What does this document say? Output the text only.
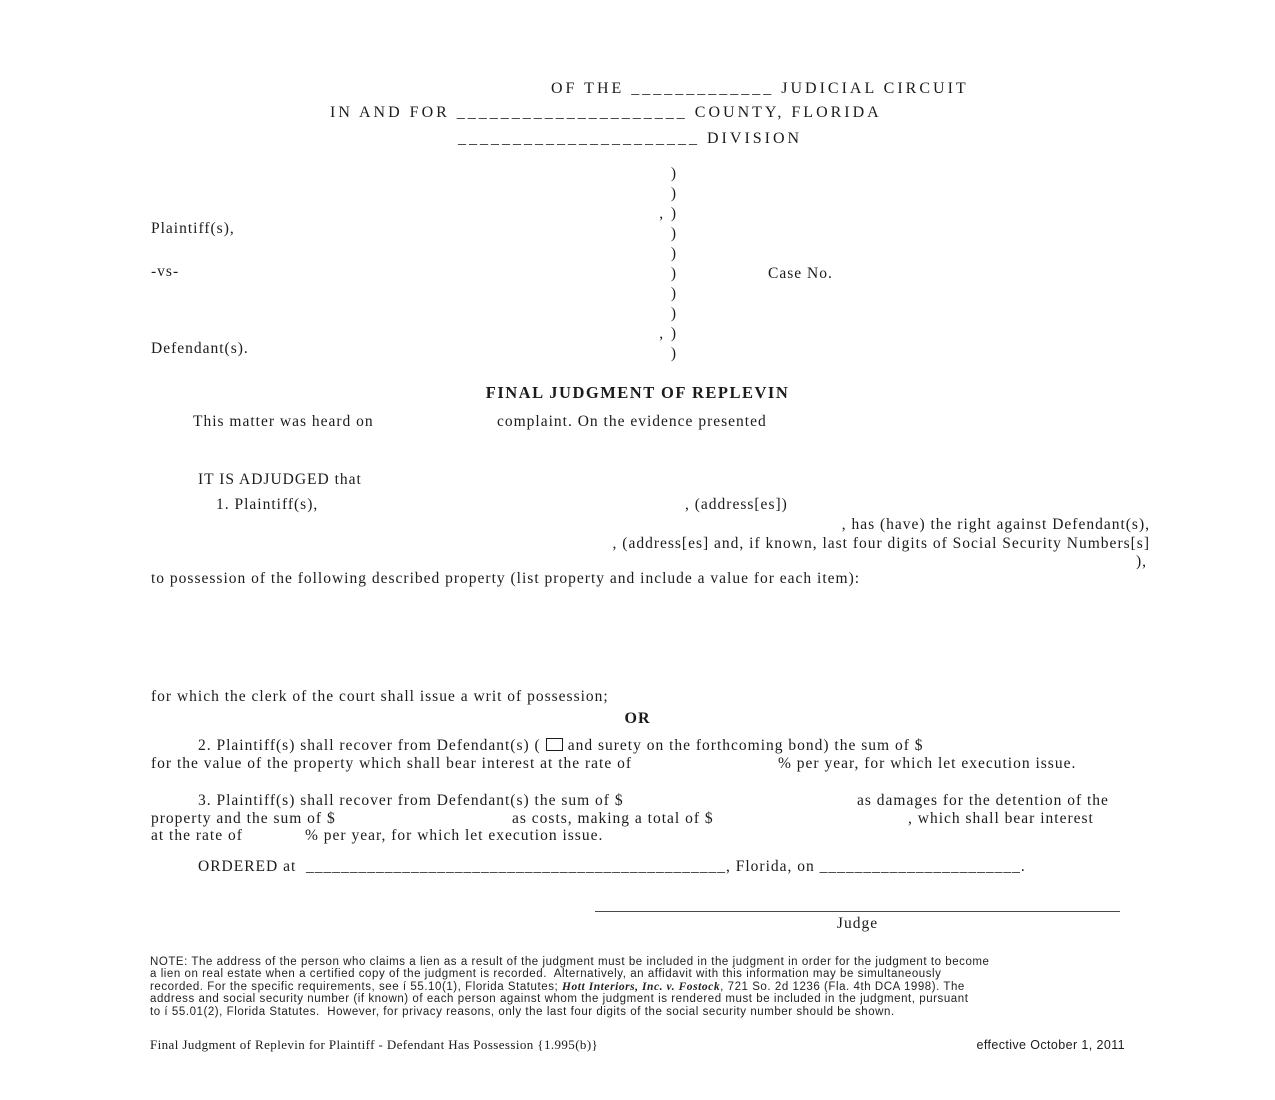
OF THE _____________ JUDICIAL CIRCUIT
IN AND FOR _____________________ COUNTY, FLORIDA
______________________ DIVISION
Plaintiff(s),
-vs-
Defendant(s).
Case No.
)
)
,  )
)
)
)
)
)
,  )
)
FINAL JUDGMENT OF REPLEVIN
This matter was heard on	complaint. On the evidence presented
IT IS ADJUDGED that
1. Plaintiff(s),	, (address[es])
, has (have) the right against Defendant(s),
, (address[es] and, if known, last four digits of Social Security Numbers[s]
),
to possession of the following described property (list property and include a value for each item):
for which the clerk of the court shall issue a writ of possession;
OR
2. Plaintiff(s) shall recover from Defendant(s) ( and surety on the forthcoming bond) the sum of $
for the value of the property which shall bear interest at the rate of	% per year, for which let execution issue.
3. Plaintiff(s) shall recover from Defendant(s) the sum of $	as damages for the detention of the
property and the sum of $	as costs, making a total of $	, which shall bear interest
at the rate of	% per year, for which let execution issue.
ORDERED at  ________________________________________________, Florida, on _______________________.
Judge
NOTE: The address of the person who claims a lien as a result of the judgment must be included in the judgment in order for the judgment to become
a lien on real estate when a certified copy of the judgment is recorded.  Alternatively, an affidavit with this information may be simultaneously
recorded. For the specific requirements, see í 55.10(1), Florida Statutes; Hott Interiors, Inc. v. Fostock, 721 So. 2d 1236 (Fla. 4th DCA 1998). The
address and social security number (if known) of each person against whom the judgment is rendered must be included in the judgment, pursuant
to í 55.01(2), Florida Statutes.  However, for privacy reasons, only the last four digits of the social security number should be shown.
Final Judgment of Replevin for Plaintiff - Defendant Has Possession {1.995(b)}	effective October 1, 2011
